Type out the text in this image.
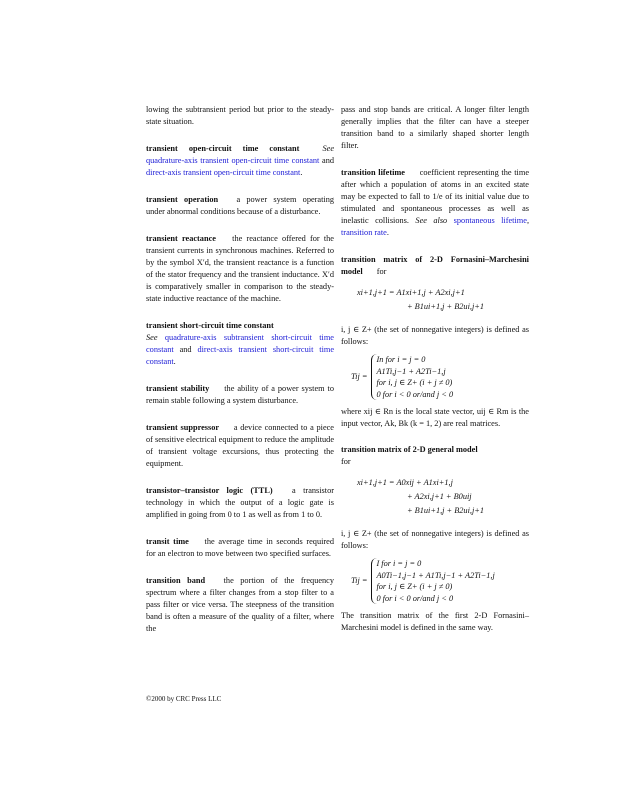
lowing the subtransient period but prior to the steady-state situation.

transient open-circuit time constant	See quadrature-axis transient open-circuit time constant and direct-axis transient open-circuit time constant.

transient operation a power system operating under abnormal conditions because of a disturbance.

transient reactance the reactance offered for the transient currents in synchronous machines. Referred to by the symbol X′d, the transient reactance is a function of the stator frequency and the transient inductance. X′d is comparatively smaller in comparison to the steady-state inductive reactance of the machine.

transient short-circuit time constant
See quadrature-axis subtransient short-circuit time constant and direct-axis transient short-circuit time constant.

transient stability the ability of a power system to remain stable following a system disturbance.

transient suppressor a device connected to a piece of sensitive electrical equipment to reduce the amplitude of transient voltage excursions, thus protecting the equipment.

transistor–transistor logic (TTL) a transistor technology in which the output of a logic gate is amplified in going from 0 to 1 as well as from 1 to 0.

transit time the average time in seconds required for an electron to move between two specified surfaces.

transition band the portion of the frequency spectrum where a filter changes from a stop filter to a pass filter or vice versa. The steepness of the transition band is often a measure of the quality of a filter, where the

pass and stop bands are critical. A longer filter length generally implies that the filter can have a steeper transition band to a similarly shaped shorter length filter.

transition lifetime coefficient representing the time after which a population of atoms in an excited state may be expected to fall to 1/e of its initial value due to stimulated and spontaneous processes as well as inelastic collisions. See also spontaneous lifetime, transition rate.

transition matrix of 2-D Fornasini–Marchesini model for

xi+1,j+1 = A1xi+1,j + A2xi,j+1
+ B1ui+1,j + B2ui,j+1

i, j ∈ Z+ (the set of nonnegative integers) is defined as follows:

Tij =
In for i = j = 0
A1Ti,j−1 + A2Ti−1,j
for i, j ∈ Z+ (i + j ≠ 0)
0 for i < 0 or/and j < 0

where xij ∈ Rn is the local state vector, uij ∈ Rm is the input vector, Ak, Bk (k = 1, 2) are real matrices.

transition matrix of 2-D general model
for

xi+1,j+1 = A0xij + A1xi+1,j
+ A2xi,j+1 + B0uij
+ B1ui+1,j + B2ui,j+1

i, j ∈ Z+ (the set of nonnegative integers) is defined as follows:

Tij =
I for i = j = 0
A0Ti−1,j−1 + A1Ti,j−1 + A2Ti−1,j
for i, j ∈ Z+ (i + j ≠ 0)
0 for i < 0 or/and j < 0

The transition matrix of the first 2-D Fornasini–Marchesini model is defined in the same way.

©2000 by CRC Press LLC
